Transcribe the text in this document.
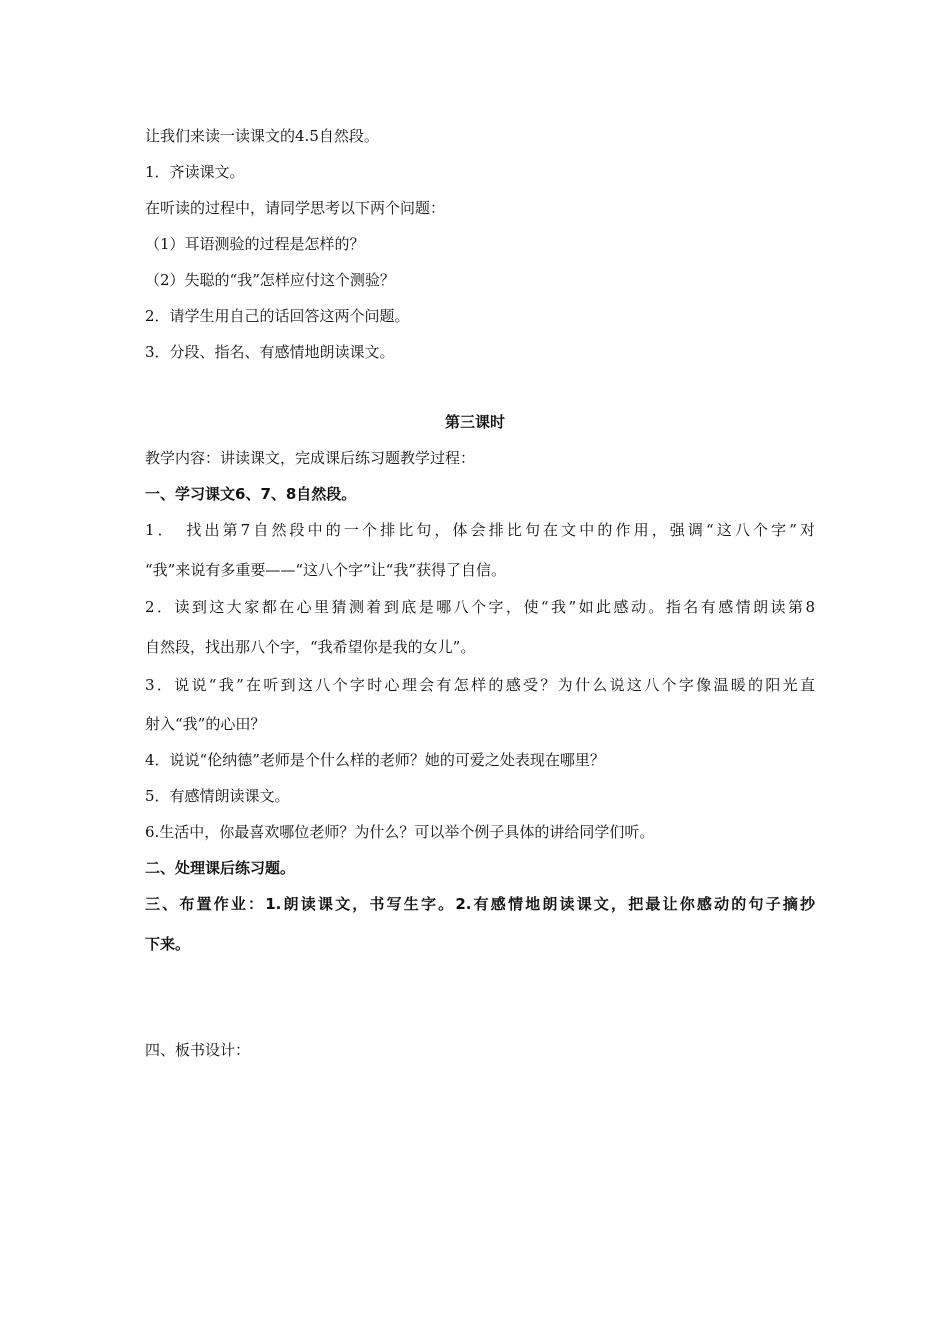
让我们来读一读课文的4.5自然段。
1．齐读课文。
在听读的过程中，请同学思考以下两个问题：
（1）耳语测验的过程是怎样的？
（2）失聪的“我”怎样应付这个测验？
2．请学生用自己的话回答这两个问题。
3．分段、指名、有感情地朗读课文。
第三课时
教学内容：讲读课文，完成课后练习题教学过程：
一、学习课文6、7、8自然段。
1．　找出第7自然段中的一个排比句，体会排比句在文中的作用，强调“这八个字”对
“我”来说有多重要——“这八个字”让“我”获得了自信。
2．读到这大家都在心里猜测着到底是哪八个字，使“我”如此感动。指名有感情朗读第8
自然段，找出那八个字，“我希望你是我的女儿”。
3．说说“我”在听到这八个字时心理会有怎样的感受？为什么说这八个字像温暖的阳光直
射入“我”的心田？
4．说说“伦纳德”老师是个什么样的老师？她的可爱之处表现在哪里？
5．有感情朗读课文。
6.生活中，你最喜欢哪位老师？为什么？可以举个例子具体的讲给同学们听。
二、处理课后练习题。
三、布置作业：1.朗读课文，书写生字。2.有感情地朗读课文，把最让你感动的句子摘抄
下来。
四、板书设计：
